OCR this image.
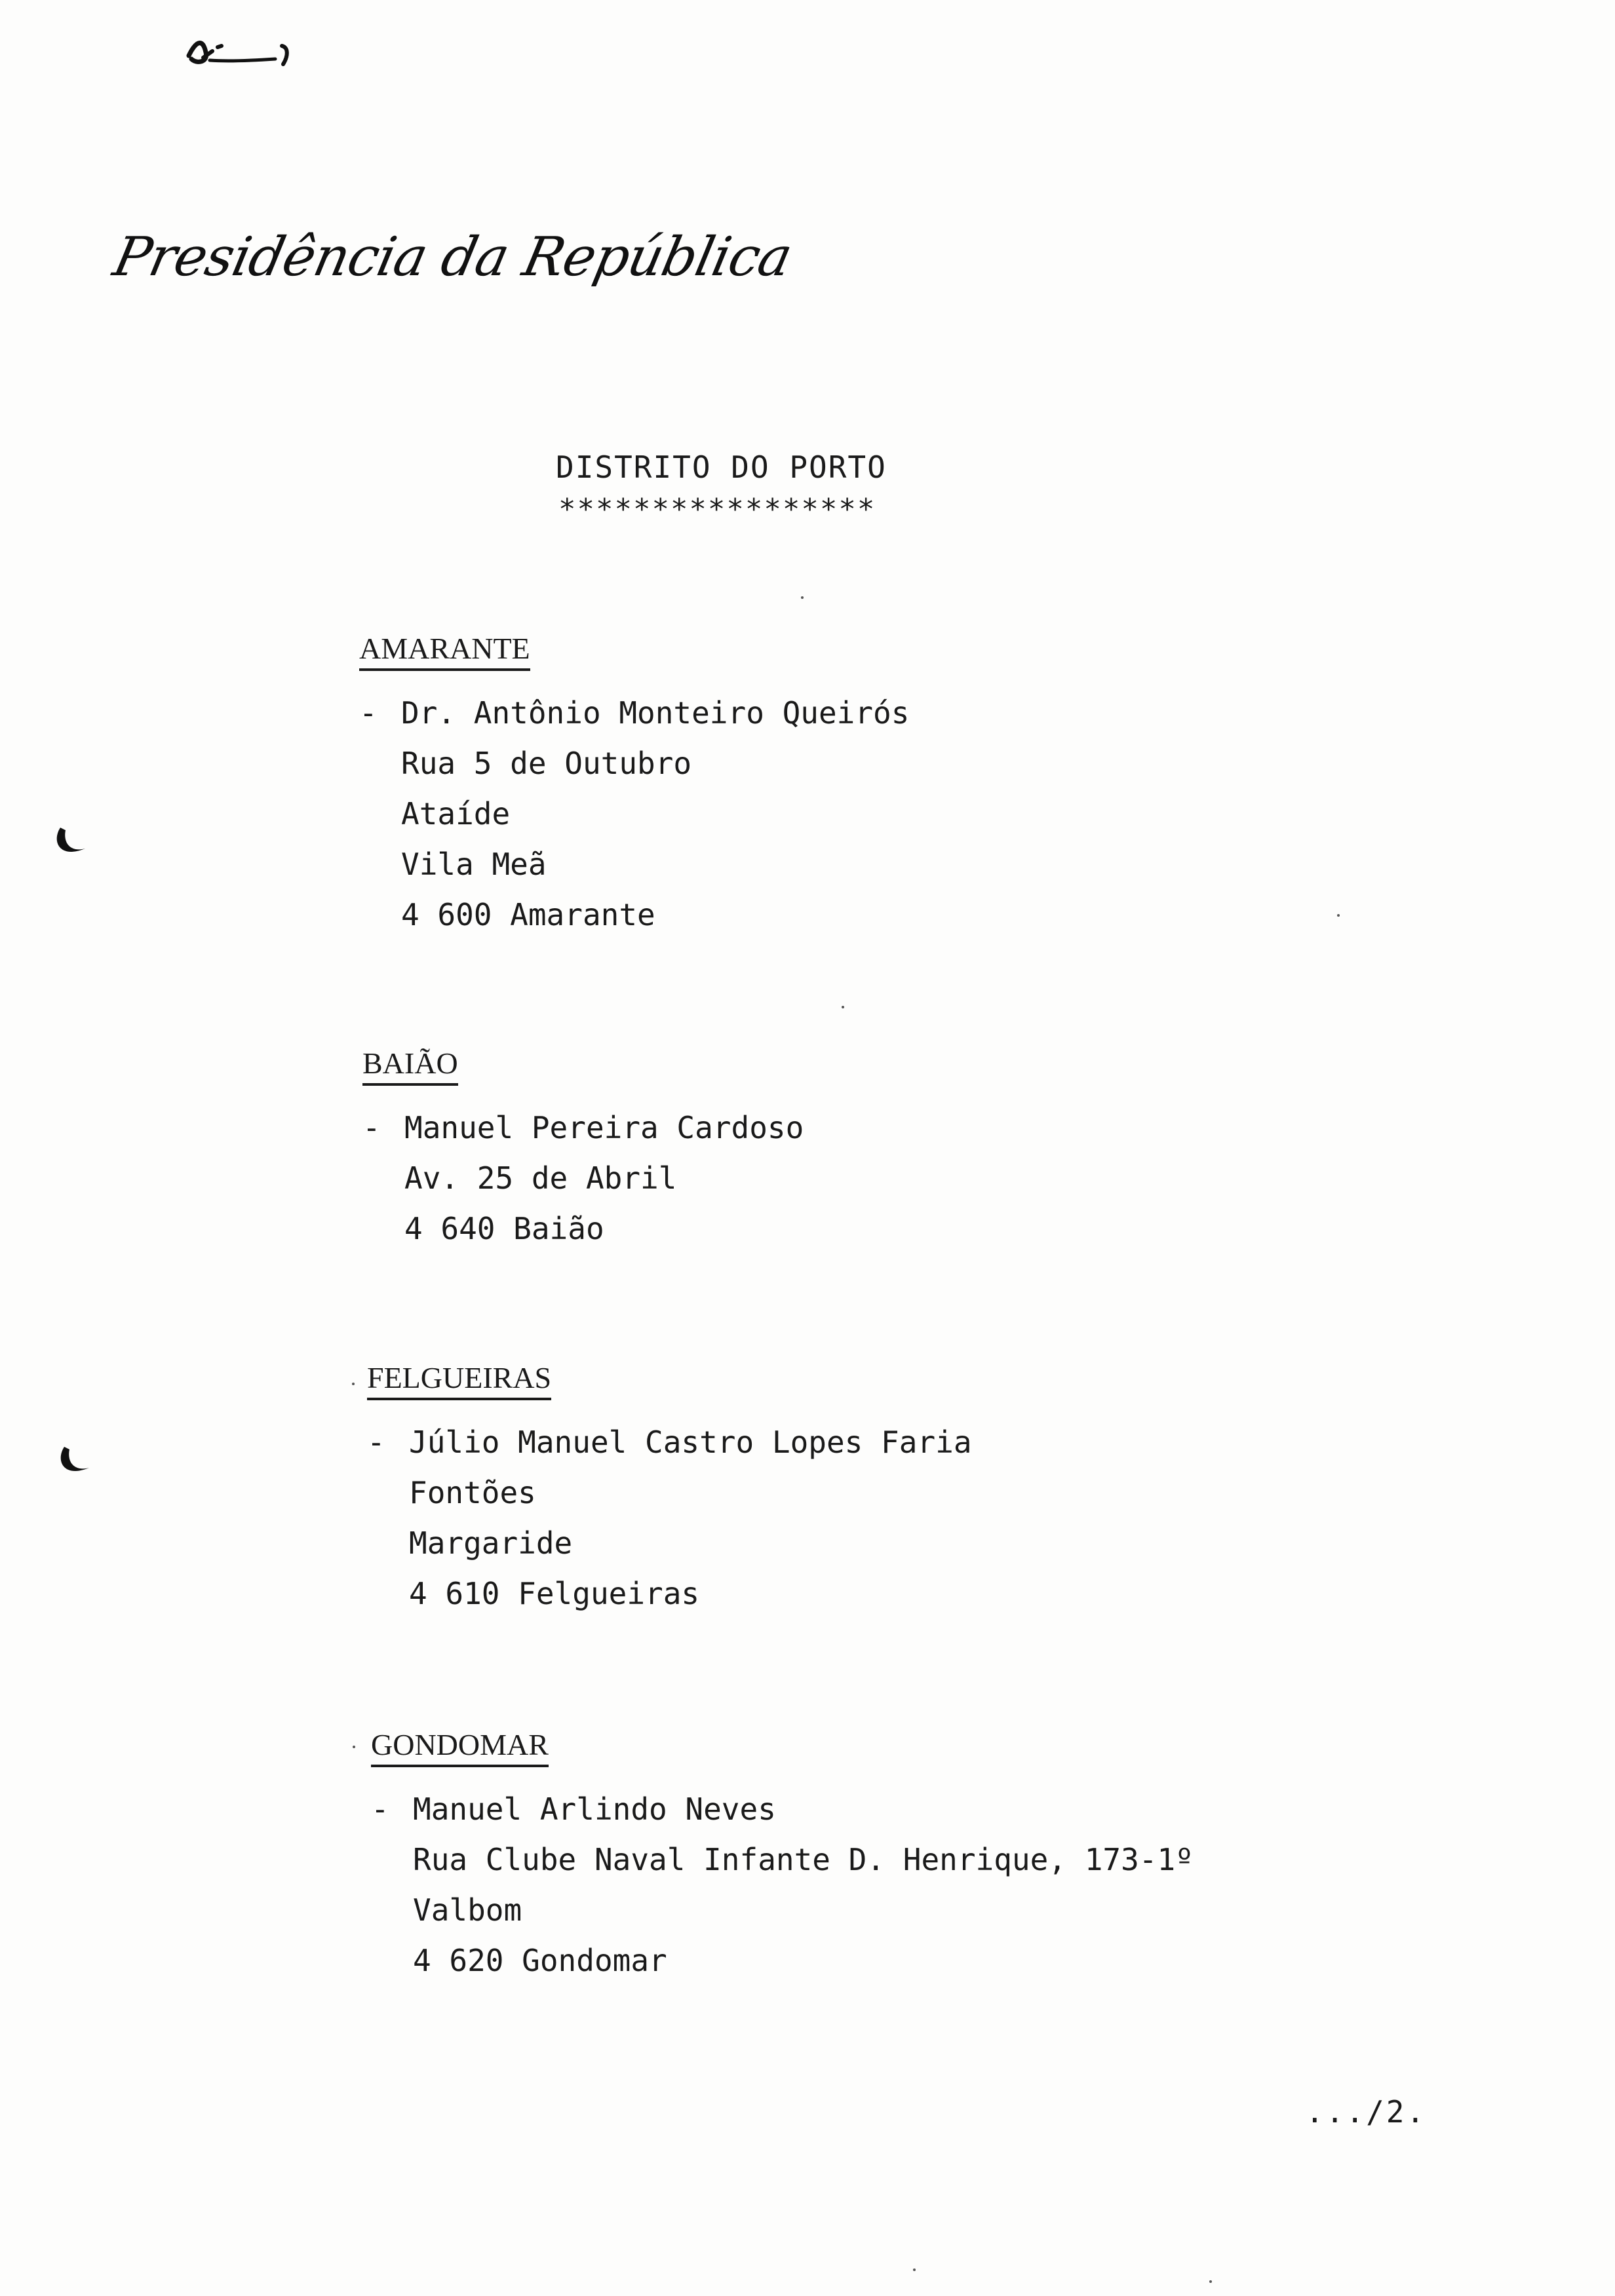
Presidência da República
DISTRITO DO PORTO
*****************
AMARANTE
- Dr. Antônio Monteiro Queirós
Rua 5 de Outubro
Ataíde
Vila Meã
4 600 Amarante
BAIÃO
- Manuel Pereira Cardoso
Av. 25 de Abril
4 640 Baião
FELGUEIRAS
- Júlio Manuel Castro Lopes Faria
Fontões
Margaride
4 610 Felgueiras
GONDOMAR
- Manuel Arlindo Neves
Rua Clube Naval Infante D. Henrique, 173-1º
Valbom
4 620 Gondomar
.../2.
